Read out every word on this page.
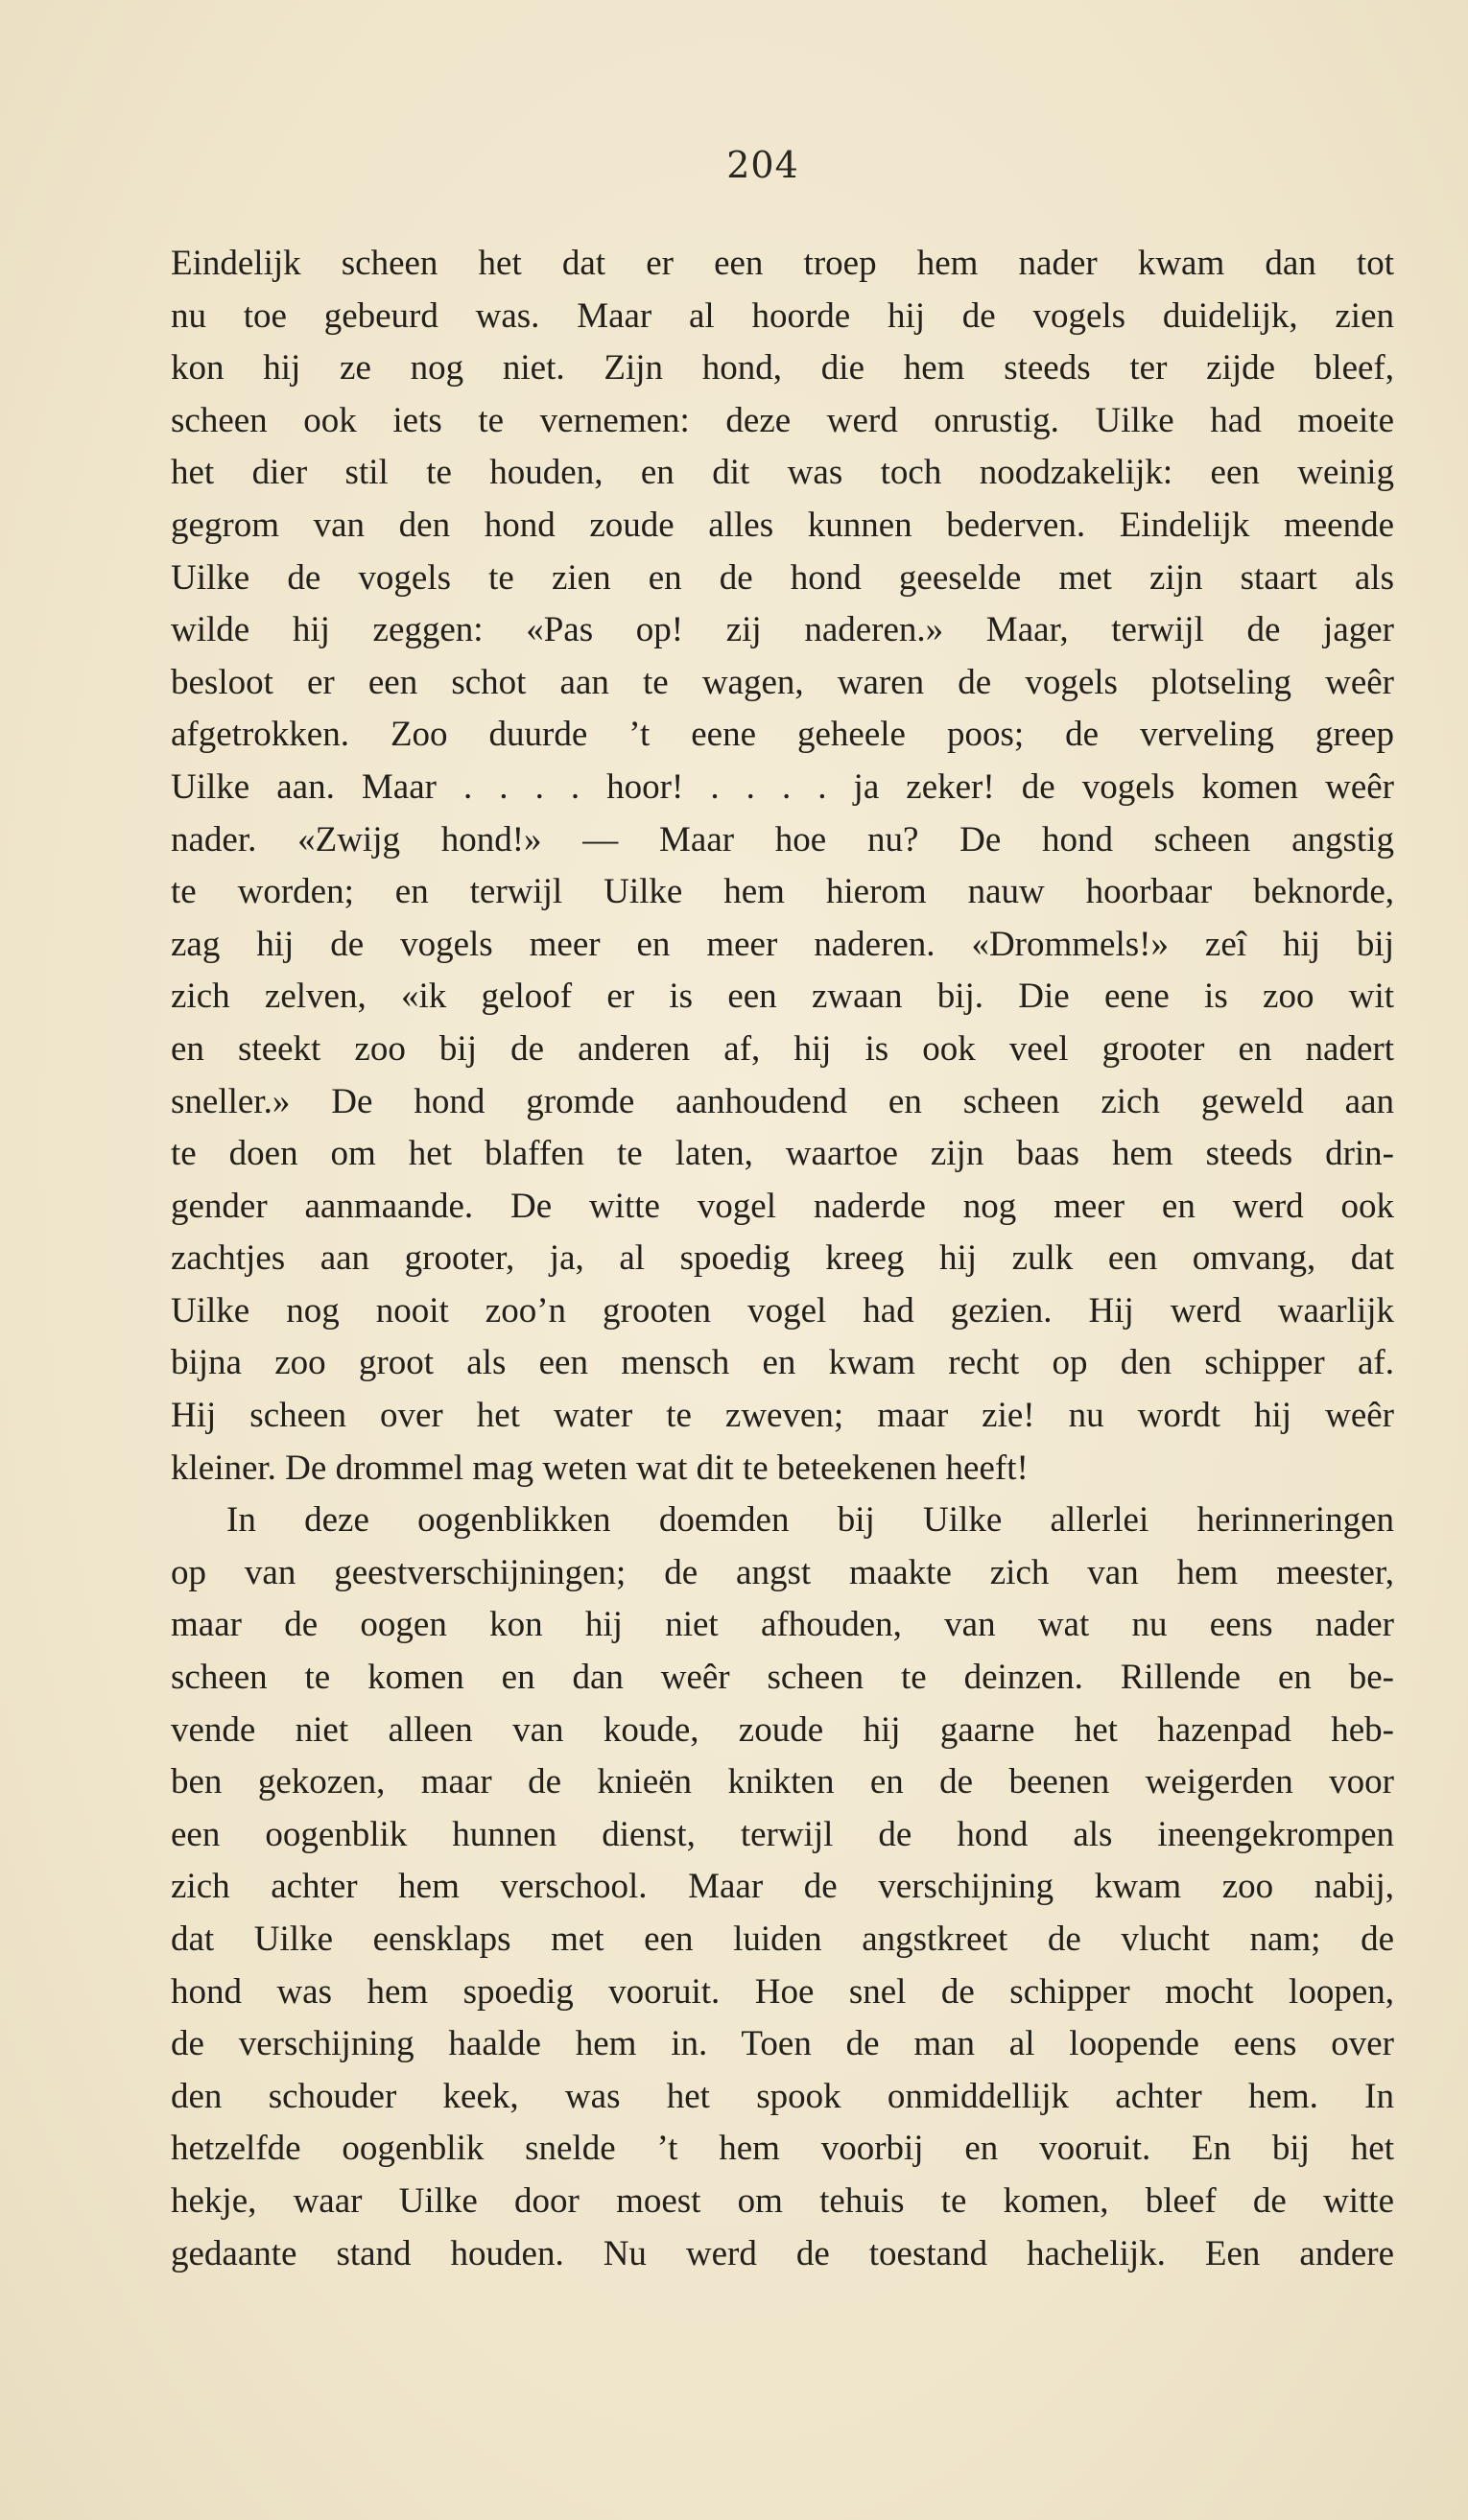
204
Eindelijk scheen het dat er een troep hem nader kwam dan tot
nu toe gebeurd was. Maar al hoorde hij de vogels duidelijk, zien
kon hij ze nog niet. Zijn hond, die hem steeds ter zijde bleef,
scheen ook iets te vernemen: deze werd onrustig. Uilke had moeite
het dier stil te houden, en dit was toch noodzakelijk: een weinig
gegrom van den hond zoude alles kunnen bederven. Eindelijk meende
Uilke de vogels te zien en de hond geeselde met zijn staart als
wilde hij zeggen: «Pas op! zij naderen.» Maar, terwijl de jager
besloot er een schot aan te wagen, waren de vogels plotseling weêr
afgetrokken. Zoo duurde ’t eene geheele poos; de verveling greep
Uilke aan. Maar . . . . hoor! . . . . ja zeker! de vogels komen weêr
nader. «Zwijg hond!» — Maar hoe nu? De hond scheen angstig
te worden; en terwijl Uilke hem hierom nauw hoorbaar beknorde,
zag hij de vogels meer en meer naderen. «Drommels!» zeî hij bij
zich zelven, «ik geloof er is een zwaan bij. Die eene is zoo wit
en steekt zoo bij de anderen af, hij is ook veel grooter en nadert
sneller.» De hond gromde aanhoudend en scheen zich geweld aan
te doen om het blaffen te laten, waartoe zijn baas hem steeds drin-
gender aanmaande. De witte vogel naderde nog meer en werd ook
zachtjes aan grooter, ja, al spoedig kreeg hij zulk een omvang, dat
Uilke nog nooit zoo’n grooten vogel had gezien. Hij werd waarlijk
bijna zoo groot als een mensch en kwam recht op den schipper af.
Hij scheen over het water te zweven; maar zie! nu wordt hij weêr
kleiner. De drommel mag weten wat dit te beteekenen heeft!
In deze oogenblikken doemden bij Uilke allerlei herinneringen
op van geestverschijningen; de angst maakte zich van hem meester,
maar de oogen kon hij niet afhouden, van wat nu eens nader
scheen te komen en dan weêr scheen te deinzen. Rillende en be-
vende niet alleen van koude, zoude hij gaarne het hazenpad heb-
ben gekozen, maar de knieën knikten en de beenen weigerden voor
een oogenblik hunnen dienst, terwijl de hond als ineengekrompen
zich achter hem verschool. Maar de verschijning kwam zoo nabij,
dat Uilke eensklaps met een luiden angstkreet de vlucht nam; de
hond was hem spoedig vooruit. Hoe snel de schipper mocht loopen,
de verschijning haalde hem in. Toen de man al loopende eens over
den schouder keek, was het spook onmiddellijk achter hem. In
hetzelfde oogenblik snelde ’t hem voorbij en vooruit. En bij het
hekje, waar Uilke door moest om tehuis te komen, bleef de witte
gedaante stand houden. Nu werd de toestand hachelijk. Een andere
